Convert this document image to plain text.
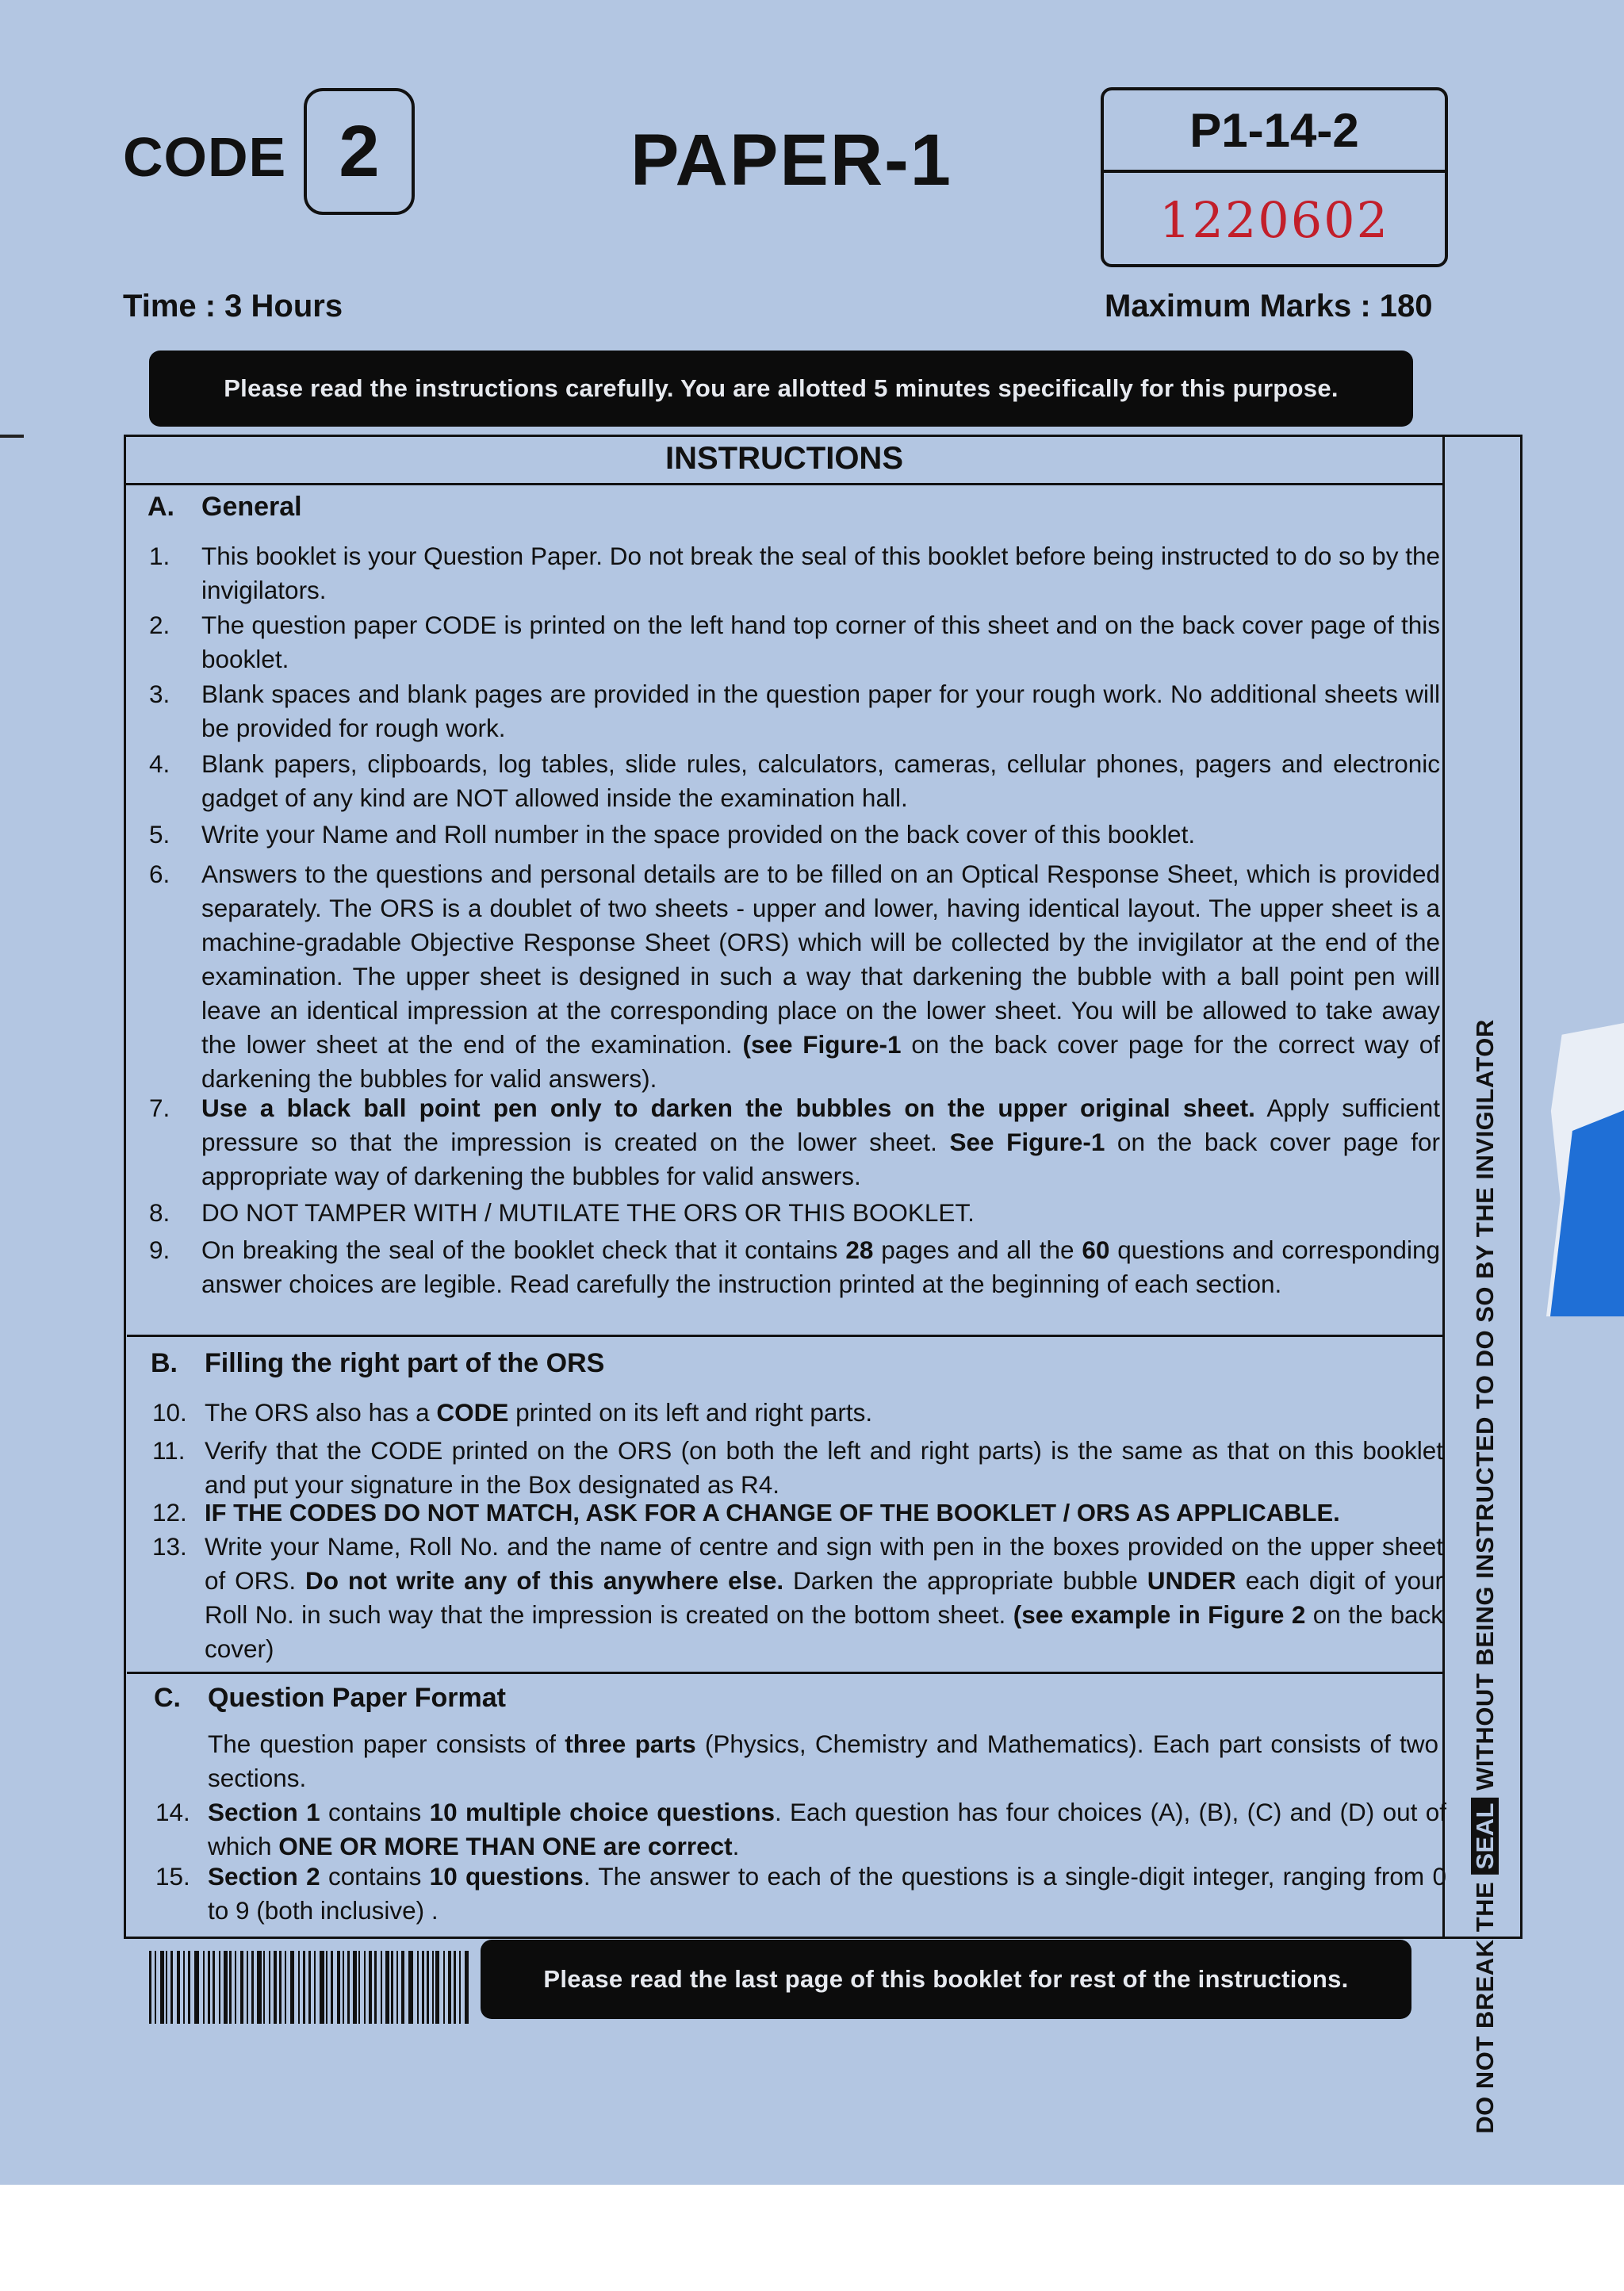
CODE 2	PAPER-1	P1-14-2
1220602
Time : 3 Hours	Maximum Marks : 180
Please read the instructions carefully. You are allotted 5 minutes specifically for this purpose.
INSTRUCTIONS
A. General
1.	This booklet is your Question Paper. Do not break the seal of this booklet before being instructed to do so by the invigilators.
2.	The question paper CODE is printed on the left hand top corner of this sheet and on the back cover page of this booklet.
3.	Blank spaces and blank pages are provided in the question paper for your rough work. No additional sheets will be provided for rough work.
4.	Blank papers, clipboards, log tables, slide rules, calculators, cameras, cellular phones, pagers and electronic gadget of any kind are NOT allowed inside the examination hall.
5.	Write your Name and Roll number in the space provided on the back cover of this booklet.
6.	Answers to the questions and personal details are to be filled on an Optical Response Sheet, which is provided separately. The ORS is a doublet of two sheets - upper and lower, having identical layout. The upper sheet is a machine-gradable Objective Response Sheet (ORS) which will be collected by the invigilator at the end of the examination. The upper sheet is designed in such a way that darkening the bubble with a ball point pen will leave an identical impression at the corresponding place on the lower sheet. You will be allowed to take away the lower sheet at the end of the examination. (see Figure-1 on the back cover page for the correct way of darkening the bubbles for valid answers).
7.	Use a black ball point pen only to darken the bubbles on the upper original sheet. Apply sufficient pressure so that the impression is created on the lower sheet. See Figure-1 on the back cover page for appropriate way of darkening the bubbles for valid answers.
8.	DO NOT TAMPER WITH / MUTILATE THE ORS OR THIS BOOKLET.
9.	On breaking the seal of the booklet check that it contains 28 pages and all the 60 questions and corresponding answer choices are legible. Read carefully the instruction printed at the beginning of each section.
B. Filling the right part of the ORS
10. The ORS also has a CODE printed on its left and right parts.
11. Verify that the CODE printed on the ORS (on both the left and right parts) is the same as that on this booklet and put your signature in the Box designated as R4.
12. IF THE CODES DO NOT MATCH, ASK FOR A CHANGE OF THE BOOKLET / ORS AS APPLICABLE.
13. Write your Name, Roll No. and the name of centre and sign with pen in the boxes provided on the upper sheet of ORS. Do not write any of this anywhere else. Darken the appropriate bubble UNDER each digit of your Roll No. in such way that the impression is created on the bottom sheet. (see example in Figure 2 on the back cover)
C. Question Paper Format
The question paper consists of three parts (Physics, Chemistry and Mathematics). Each part consists of two sections.
14. Section 1 contains 10 multiple choice questions. Each question has four choices (A), (B), (C) and (D) out of which ONE OR MORE THAN ONE are correct.
15. Section 2 contains 10 questions. The answer to each of the questions is a single-digit integer, ranging from 0 to 9 (both inclusive) .	DO NOT BREAK THE SEAL WITHOUT BEING INSTRUCTED TO DO SO BY THE INVIGILATOR
Please read the last page of this booklet for rest of the instructions.
